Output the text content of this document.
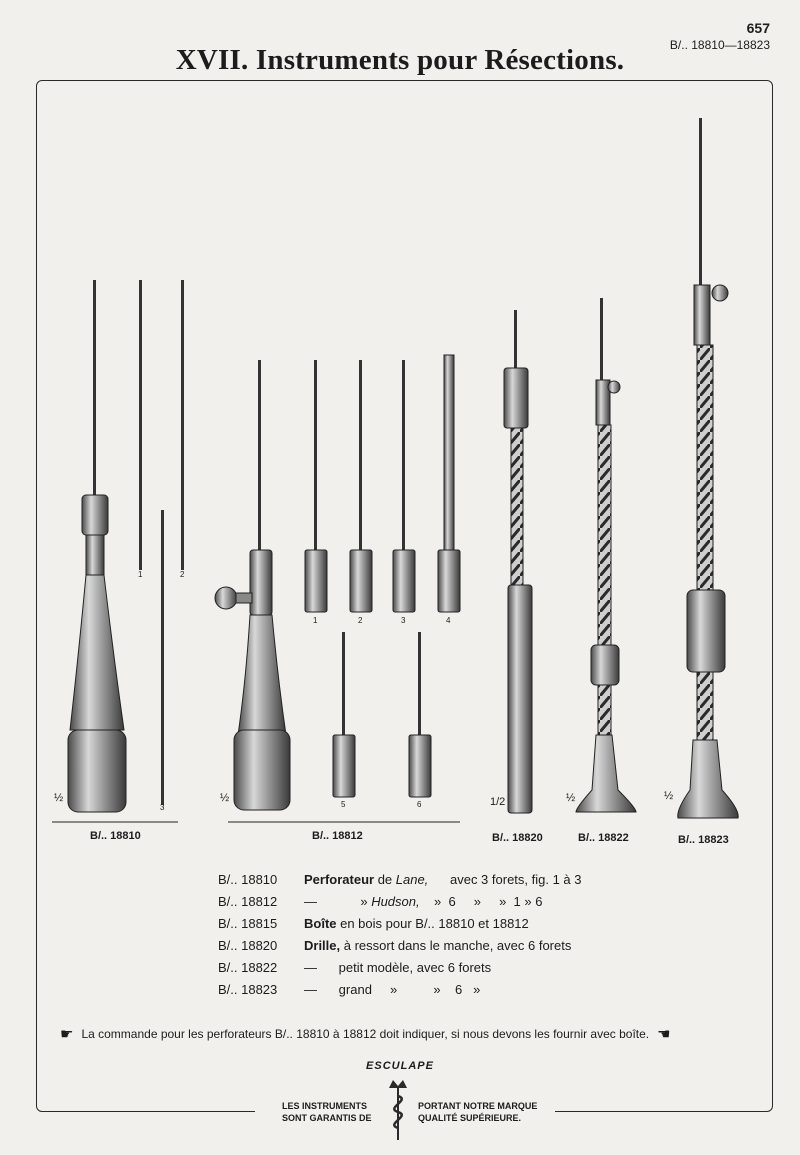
657
B/.. 18810—18823
XVII. Instruments pour Résections.
1	2
3
1	2	3	4
5	6
½	½	1/2	½	½
B/.. 18810	B/.. 18812	B/.. 18820	B/.. 18822	B/.. 18823
B/.. 18810 Perforateur de Lane,      avec 3 forets, fig. 1 à 3
B/.. 18812 —            » Hudson,    »  6     »     »  1 » 6
B/.. 18815 Boîte en bois pour B/.. 18810 et 18812
B/.. 18820 Drille, à ressort dans le manche, avec 6 forets
B/.. 18822 —      petit modèle, avec 6 forets
B/.. 18823 —      grand     »          »    6   »
☛ La commande pour les perforateurs B/.. 18810 à 18812 doit indiquer, si nous devons les fournir avec boîte. ☛
ESCULAPE
LES INSTRUMENTS
SONT GARANTIS DE
PORTANT NOTRE MARQUE
QUALITÉ SUPÉRIEURE.
